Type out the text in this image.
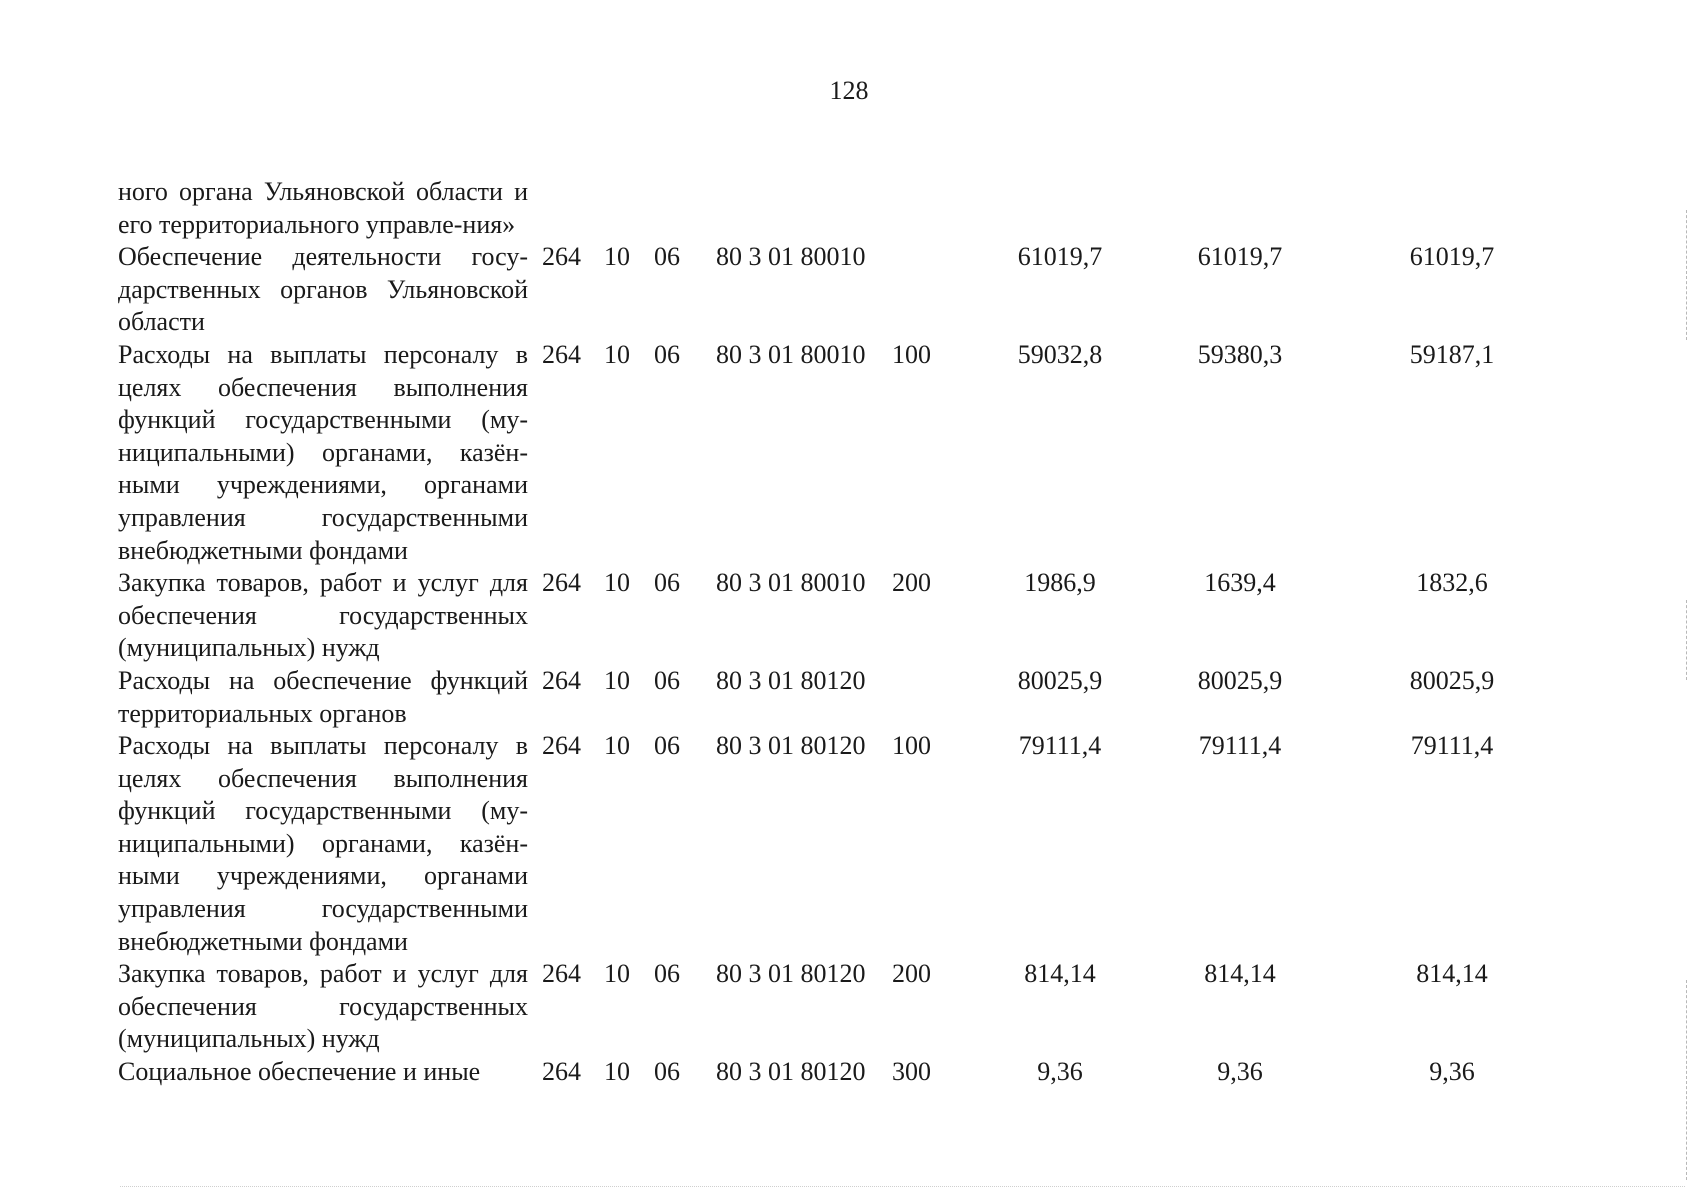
128
ного органа Ульяновской области и его территориального управле-ния»								
Обеспечение деятельности госу-дарственных органов Ульяновской области	264	10	06	80 3 01 80010		61019,7	61019,7	61019,7
Расходы на выплаты персоналу в целях обеспечения выполнения функций государственными (му-ниципальными) органами, казён-ными учреждениями, органами управления государственными внебюджетными фондами	264	10	06	80 3 01 80010	100	59032,8	59380,3	59187,1
Закупка товаров, работ и услуг для обеспечения государственных (муниципальных) нужд	264	10	06	80 3 01 80010	200	1986,9	1639,4	1832,6
Расходы на обеспечение функций территориальных органов	264	10	06	80 3 01 80120		80025,9	80025,9	80025,9
Расходы на выплаты персоналу в целях обеспечения выполнения функций государственными (му-ниципальными) органами, казён-ными учреждениями, органами управления государственными внебюджетными фондами	264	10	06	80 3 01 80120	100	79111,4	79111,4	79111,4
Закупка товаров, работ и услуг для обеспечения государственных (муниципальных) нужд	264	10	06	80 3 01 80120	200	814,14	814,14	814,14
Социальное обеспечение и иные	264	10	06	80 3 01 80120	300	9,36	9,36	9,36
